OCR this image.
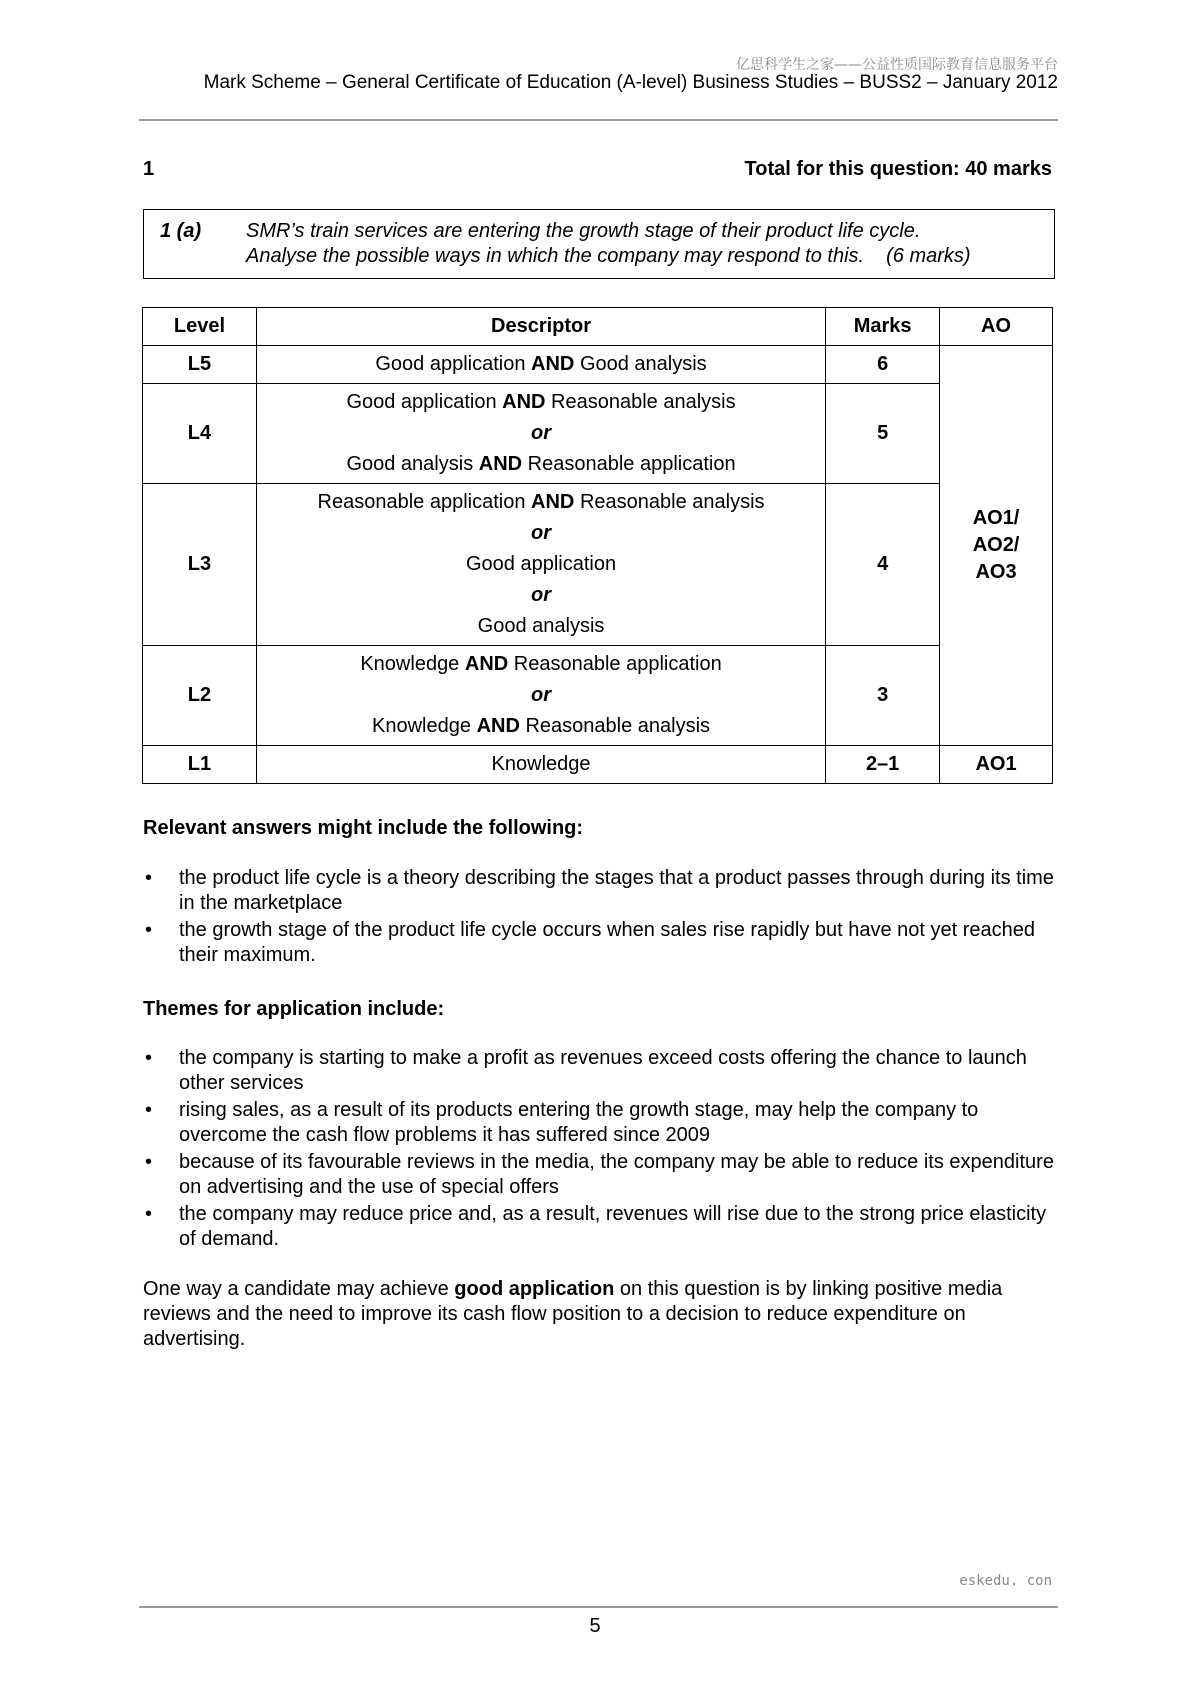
亿思科学生之家——公益性质国际教育信息服务平台
Mark Scheme – General Certificate of Education (A-level) Business Studies – BUSS2 – January 2012
1	Total for this question: 40 marks
1 (a) SMR’s train services are entering the growth stage of their product life cycle.
Analyse the possible ways in which the company may respond to this. (6 marks)
Level	Descriptor	Marks	AO
L5	Good application AND Good analysis	6	AO1/
AO2/
AO3

L4	Good application AND Reasonable analysis
or
Good analysis AND Reasonable application	5	
L3	Reasonable application AND Reasonable analysis
or
Good application
or
Good analysis	4	
L2	Knowledge AND Reasonable application
or
Knowledge AND Reasonable analysis	3	
L1	Knowledge	2–1	AO1
Relevant answers might include the following:
• the product life cycle is a theory describing the stages that a product passes through during its time in the marketplace
• the growth stage of the product life cycle occurs when sales rise rapidly but have not yet reached their maximum.
Themes for application include:
• the company is starting to make a profit as revenues exceed costs offering the chance to launch other services
• rising sales, as a result of its products entering the growth stage, may help the company to overcome the cash flow problems it has suffered since 2009
• because of its favourable reviews in the media, the company may be able to reduce its expenditure on advertising and the use of special offers
• the company may reduce price and, as a result, revenues will rise due to the strong price elasticity of demand.
One way a candidate may achieve good application on this question is by linking positive media reviews and the need to improve its cash flow position to a decision to reduce expenditure on advertising.
eskedu. con
5
